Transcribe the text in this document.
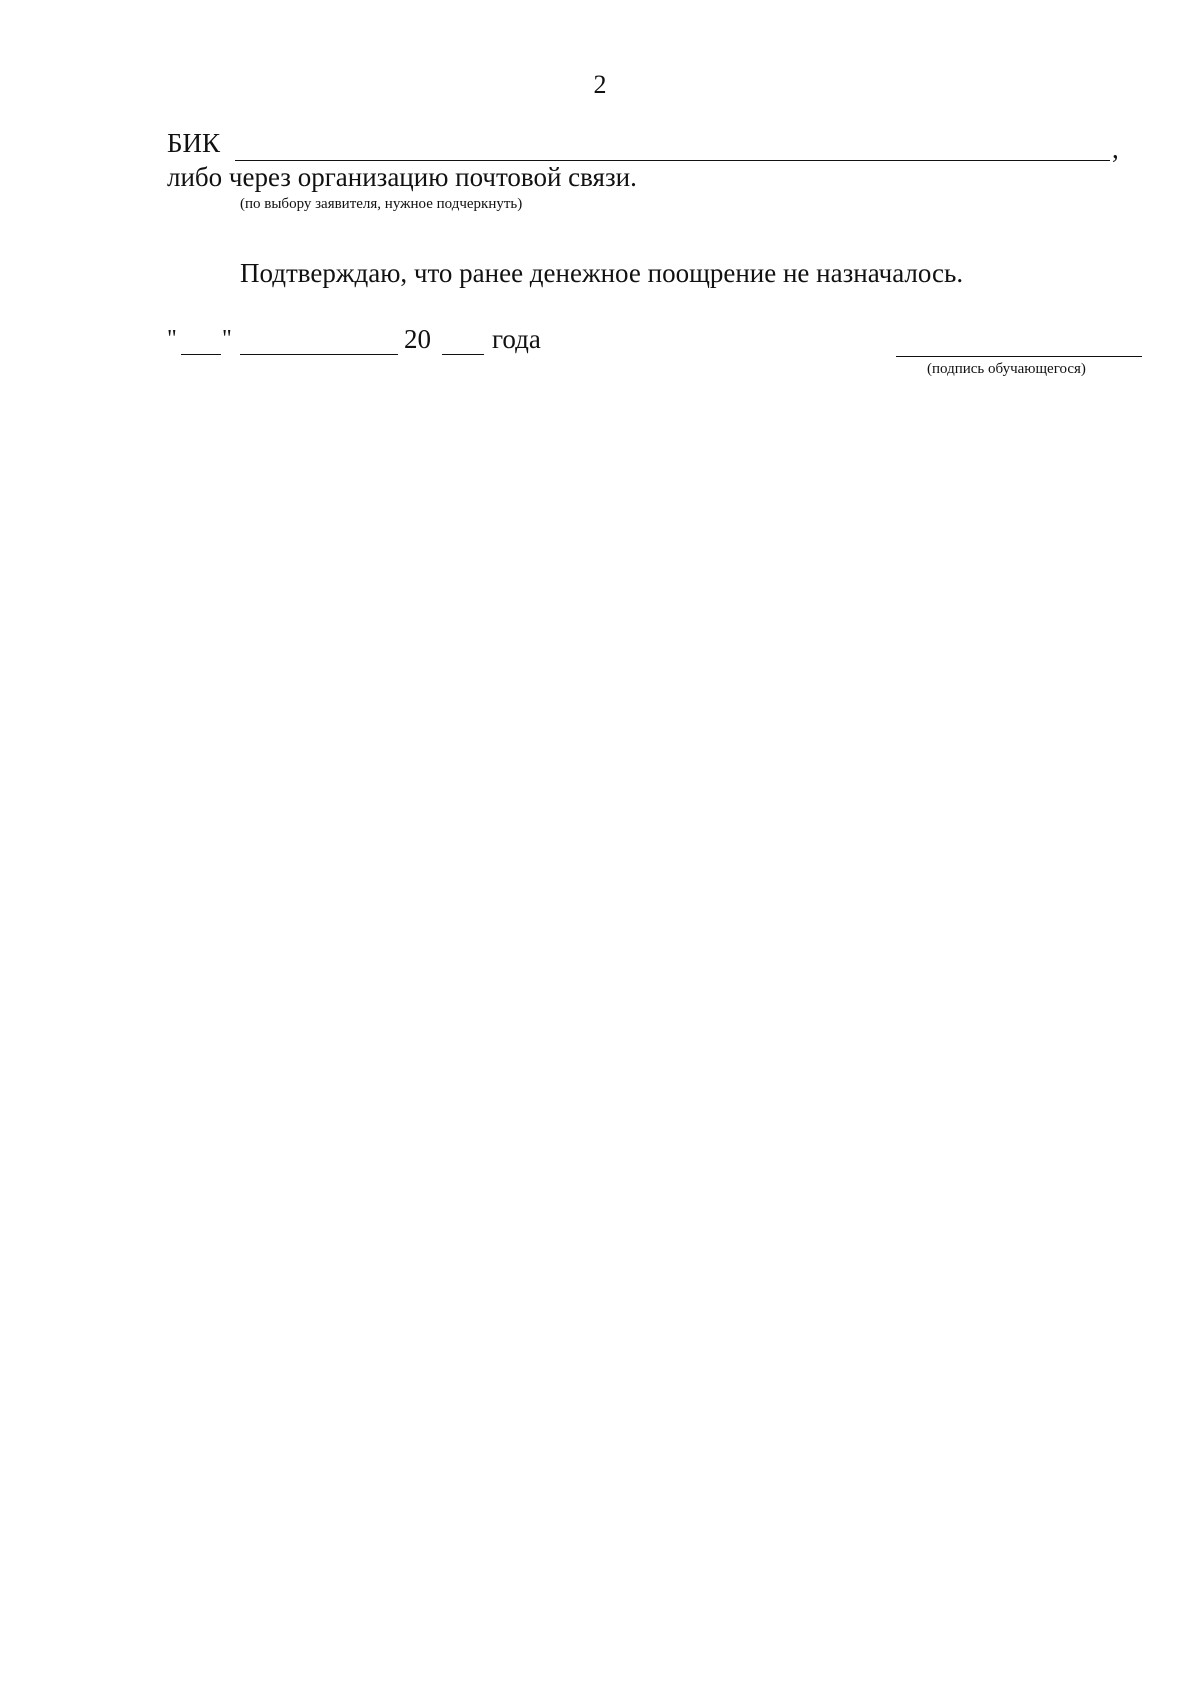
2
БИК	,
либо через организацию почтовой связи.
(по выбору заявителя, нужное подчеркнуть)
Подтверждаю, что ранее денежное поощрение не назначалось.
" "	20 года
(подпись обучающегося)
